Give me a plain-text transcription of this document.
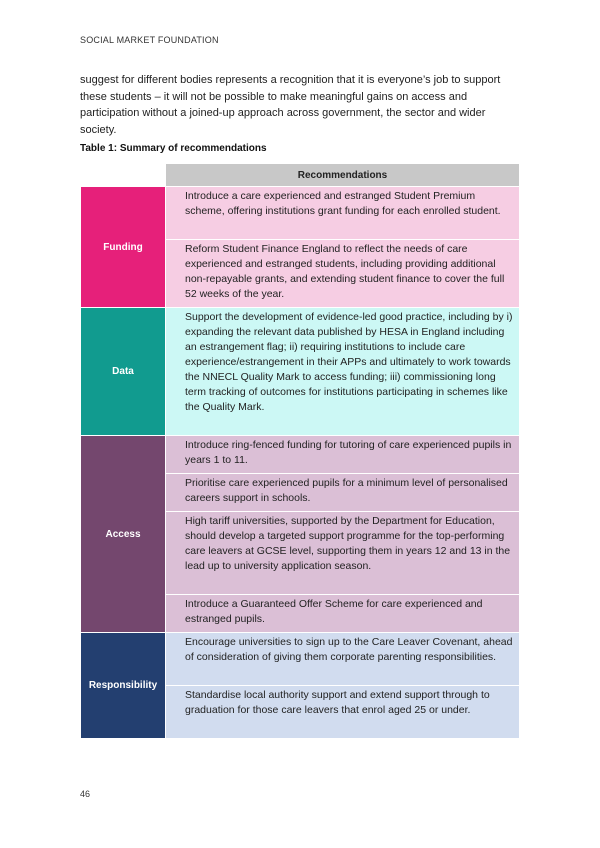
SOCIAL MARKET FOUNDATION

suggest for different bodies represents a recognition that it is everyone’s job to support these students – it will not be possible to make meaningful gains on access and participation without a joined-up approach across government, the sector and wider society.

Table 1: Summary of recommendations
	Recommendations
Funding	Introduce a care experienced and estranged Student Premium scheme, offering institutions grant funding for each enrolled student.
	Reform Student Finance England to reflect the needs of care experienced and estranged students, including providing additional non-repayable grants, and extending student finance to cover the full 52 weeks of the year.
Data	Support the development of evidence-led good practice, including by i) expanding the relevant data published by HESA in England including an estrangement flag; ii) requiring institutions to include care experience/estrangement in their APPs and ultimately to work towards the NNECL Quality Mark to access funding; iii) commissioning long term tracking of outcomes for institutions participating in schemes like the Quality Mark.
Access	Introduce ring-fenced funding for tutoring of care experienced pupils in years 1 to 11.
	Prioritise care experienced pupils for a minimum level of personalised careers support in schools.
	High tariff universities, supported by the Department for Education, should develop a targeted support programme for the top-performing care leavers at GCSE level, supporting them in years 12 and 13 in the lead up to university application season.
	Introduce a Guaranteed Offer Scheme for care experienced and estranged pupils.
Responsibility	Encourage universities to sign up to the Care Leaver Covenant, ahead of consideration of giving them corporate parenting responsibilities.
	Standardise local authority support and extend support through to graduation for those care leavers that enrol aged 25 or under.
46
